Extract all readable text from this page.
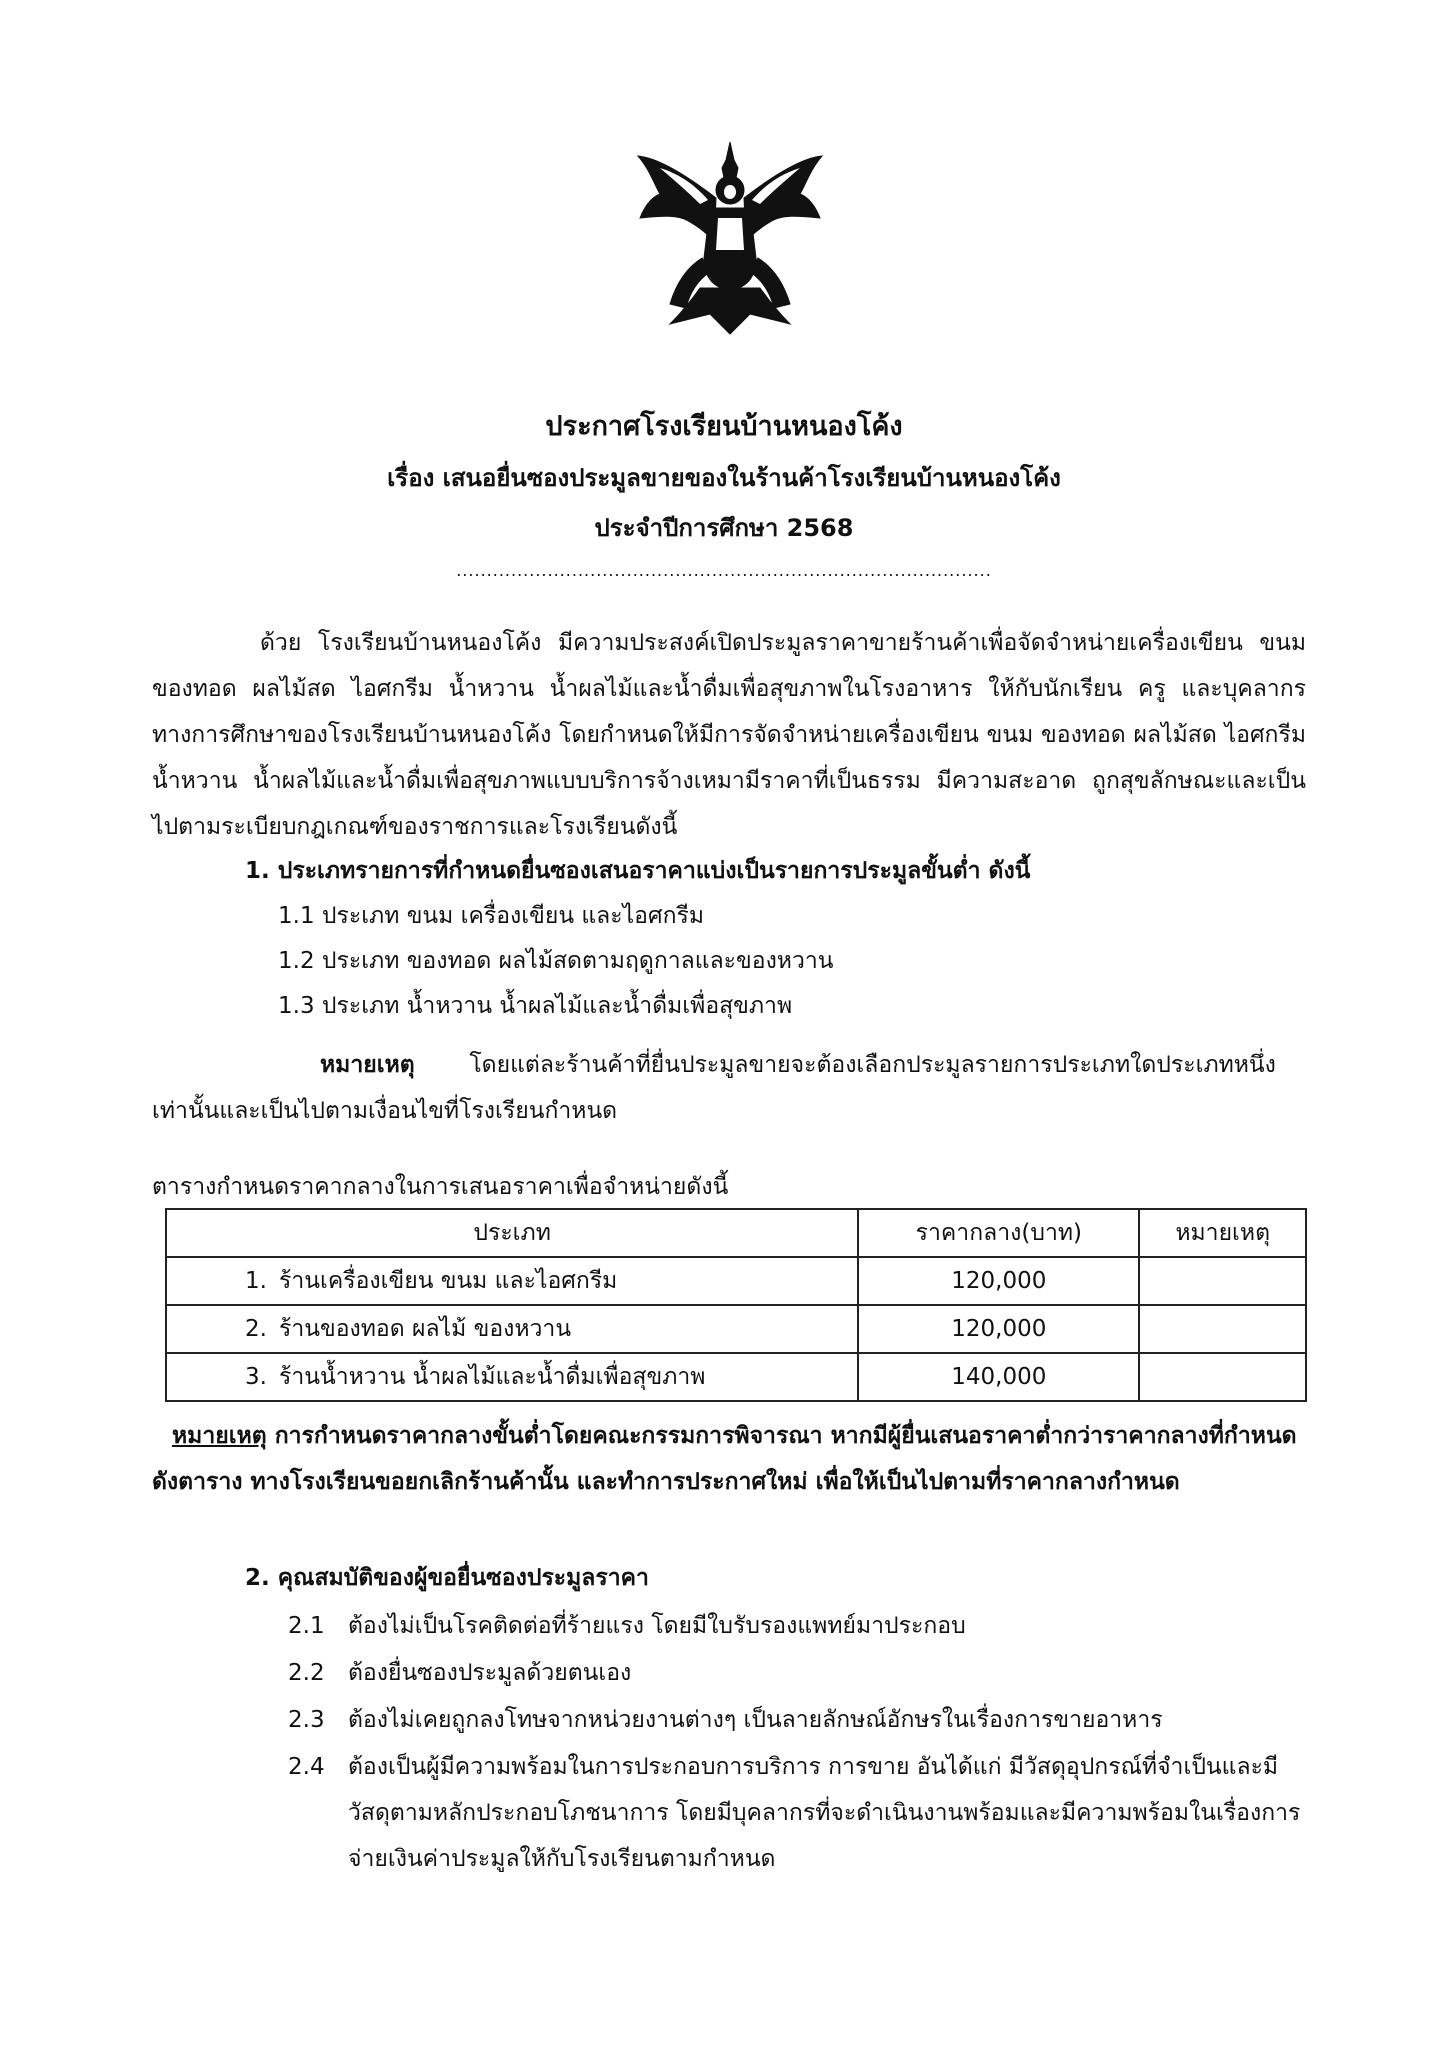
ประกาศโรงเรียนบ้านหนองโค้ง
เรื่อง เสนอยื่นซองประมูลขายของในร้านค้าโรงเรียนบ้านหนองโค้ง
ประจำปีการศึกษา 2568
........................................................................................

ด้วย โรงเรียนบ้านหนองโค้ง มีความประสงค์เปิดประมูลราคาขายร้านค้าเพื่อจัดจำหน่ายเครื่องเขียน ขนม ของทอด ผลไม้สด ไอศกรีม น้ำหวาน น้ำผลไม้และน้ำดื่มเพื่อสุขภาพในโรงอาหาร ให้กับนักเรียน ครู และบุคลากรทางการศึกษาของโรงเรียนบ้านหนองโค้ง โดยกำหนดให้มีการจัดจำหน่ายเครื่องเขียน ขนม ของทอด ผลไม้สด ไอศกรีม น้ำหวาน น้ำผลไม้และน้ำดื่มเพื่อสุขภาพแบบบริการจ้างเหมามีราคาที่เป็นธรรม มีความสะอาด ถูกสุขลักษณะและเป็นไปตามระเบียบกฎเกณฑ์ของราชการและโรงเรียนดังนี้

1. ประเภทรายการที่กำหนดยื่นซองเสนอราคาแบ่งเป็นรายการประมูลขั้นต่ำ ดังนี้
1.1 ประเภท ขนม เครื่องเขียน และไอศกรีม
1.2 ประเภท ของทอด ผลไม้สดตามฤดูกาลและของหวาน
1.3 ประเภท น้ำหวาน น้ำผลไม้และน้ำดื่มเพื่อสุขภาพ
หมายเหตุ โดยแต่ละร้านค้าที่ยื่นประมูลขายจะต้องเลือกประมูลรายการประเภทใดประเภทหนึ่ง
เท่านั้นและเป็นไปตามเงื่อนไขที่โรงเรียนกำหนด
ตารางกำหนดราคากลางในการเสนอราคาเพื่อจำหน่ายดังนี้
ประเภท	ราคากลาง(บาท)	หมายเหตุ
1. ร้านเครื่องเขียน ขนม และไอศกรีม	120,000	
2. ร้านของทอด ผลไม้ ของหวาน	120,000	
3. ร้านน้ำหวาน น้ำผลไม้และน้ำดื่มเพื่อสุขภาพ	140,000	

หมายเหตุ การกำหนดราคากลางขั้นต่ำโดยคณะกรรมการพิจารณา หากมีผู้ยื่นเสนอราคาต่ำกว่าราคากลางที่กำหนดดังตาราง ทางโรงเรียนขอยกเลิกร้านค้านั้น และทำการประกาศใหม่ เพื่อให้เป็นไปตามที่ราคากลางกำหนด

2. คุณสมบัติของผู้ขอยื่นซองประมูลราคา
2.1 ต้องไม่เป็นโรคติดต่อที่ร้ายแรง โดยมีใบรับรองแพทย์มาประกอบ
2.2 ต้องยื่นซองประมูลด้วยตนเอง
2.3 ต้องไม่เคยถูกลงโทษจากหน่วยงานต่างๆ เป็นลายลักษณ์อักษรในเรื่องการขายอาหาร
2.4 ต้องเป็นผู้มีความพร้อมในการประกอบการบริการ การขาย อันได้แก่ มีวัสดุอุปกรณ์ที่จำเป็นและมีวัสดุตามหลักประกอบโภชนาการ โดยมีบุคลากรที่จะดำเนินงานพร้อมและมีความพร้อมในเรื่องการจ่ายเงินค่าประมูลให้กับโรงเรียนตามกำหนด
